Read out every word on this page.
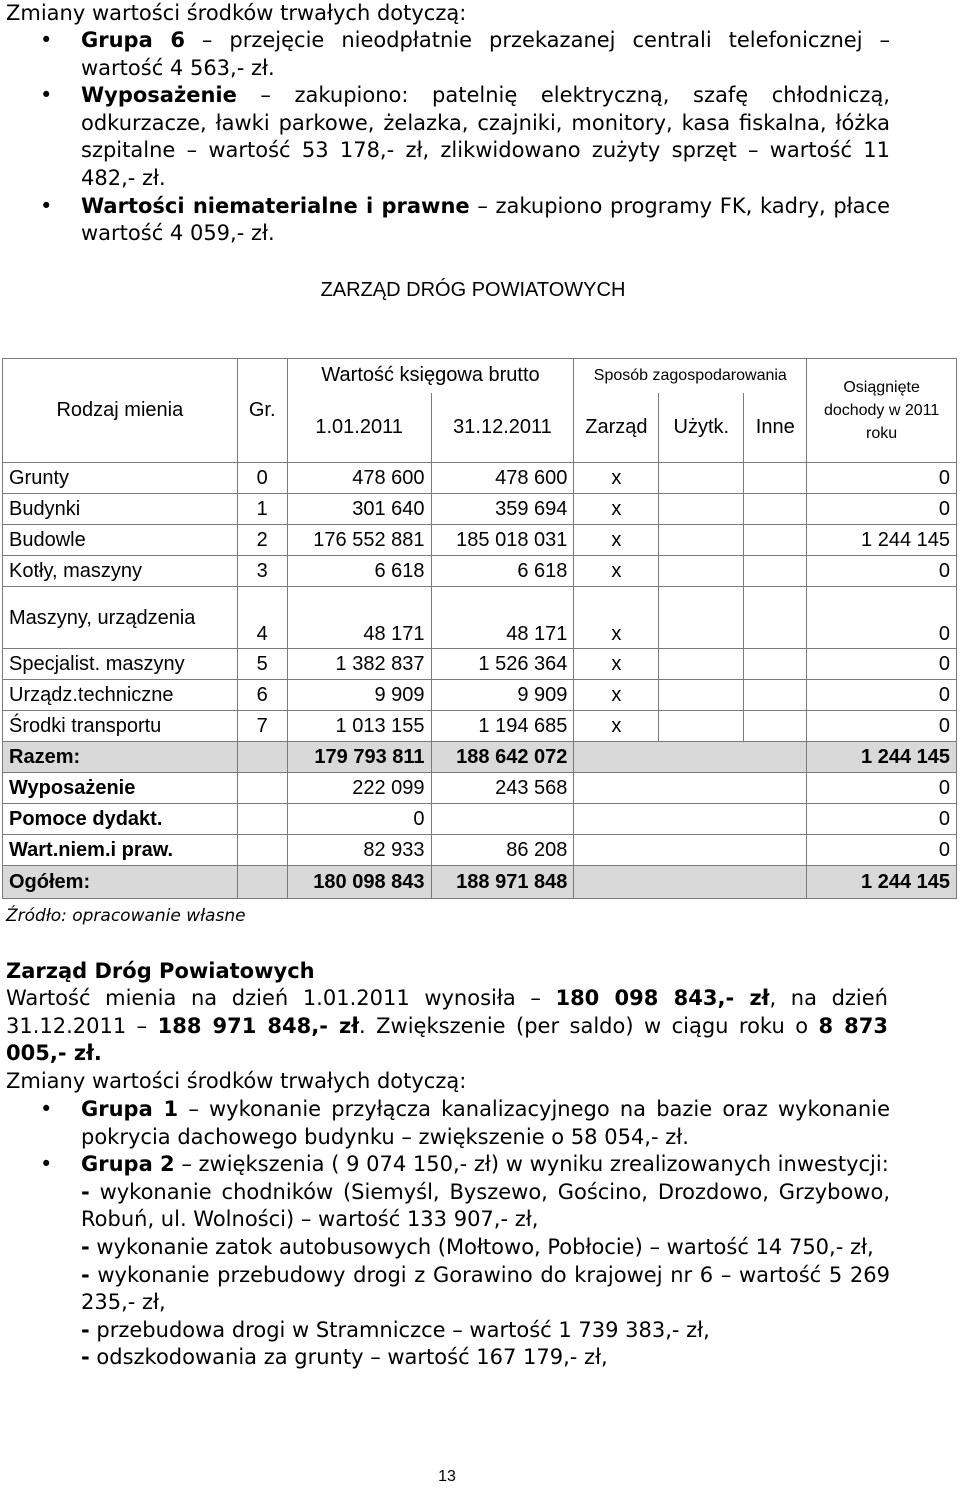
Zmiany wartości środków trwałych dotyczą:
• Grupa 6 – przejęcie nieodpłatnie przekazanej centrali telefonicznej – wartość 4 563,- zł.
• Wyposażenie – zakupiono: patelnię elektryczną, szafę chłodniczą, odkurzacze, ławki parkowe, żelazka, czajniki, monitory, kasa fiskalna, łóżka szpitalne – wartość 53 178,- zł, zlikwidowano zużyty sprzęt – wartość 11 482,- zł.
• Wartości niematerialne i prawne – zakupiono programy FK, kadry, płace wartość 4 059,- zł.
ZARZĄD DRÓG POWIATOWYCH
Rodzaj mienia	Gr.	Wartość księgowa brutto		Sposób zagospodarowania			Osiągnięte dochody w 2011 roku
		1.01.2011	31.12.2011	Zarząd	Użytk.	Inne	
Grunty	0	478 600	478 600	x			0
Budynki	1	301 640	359 694	x			0
Budowle	2	176 552 881	185 018 031	x			1 244 145
Kotły, maszyny	3	6 618	6 618	x			0
Maszyny, urządzenia	4	48 171	48 171	x			0
Specjalist. maszyny	5	1 382 837	1 526 364	x			0
Urządz.techniczne	6	9 909	9 909	x			0
Środki transportu	7	1 013 155	1 194 685	x			0
Razem:		179 793 811	188 642 072				1 244 145
Wyposażenie		222 099	243 568				0
Pomoce dydakt.		0					0
Wart.niem.i praw.		82 933	86 208				0
Ogółem:		180 098 843	188 971 848				1 244 145
Źródło: opracowanie własne
Zarząd Dróg Powiatowych
Wartość mienia na dzień 1.01.2011 wynosiła – 180 098 843,- zł, na dzień 31.12.2011 – 188 971 848,- zł. Zwiększenie (per saldo) w ciągu roku o 8 873 005,- zł.
Zmiany wartości środków trwałych dotyczą:
• Grupa 1 – wykonanie przyłącza kanalizacyjnego na bazie oraz wykonanie pokrycia dachowego budynku – zwiększenie o 58 054,- zł.
• Grupa 2 – zwiększenia ( 9 074 150,- zł) w wyniku zrealizowanych inwestycji:
- wykonanie chodników (Siemyśl, Byszewo, Gościno, Drozdowo, Grzybowo, Robuń, ul. Wolności) – wartość 133 907,- zł,
- wykonanie zatok autobusowych (Mołtowo, Pobłocie) – wartość 14 750,- zł,
- wykonanie przebudowy drogi z Gorawino do krajowej nr 6 – wartość 5 269 235,- zł,
- przebudowa drogi w Stramniczce – wartość 1 739 383,- zł,
- odszkodowania za grunty – wartość 167 179,- zł,
13
